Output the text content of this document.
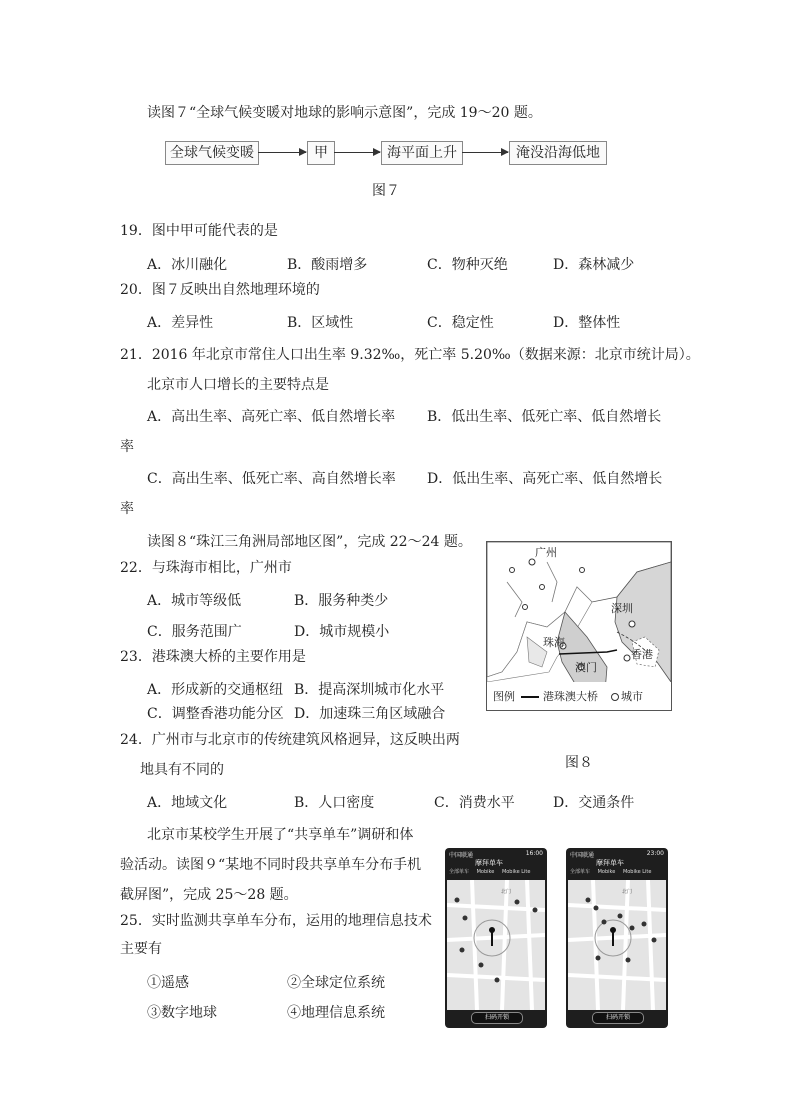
读图７“全球气候变暖对地球的影响示意图”，完成 19～20 题。
全球气候变暖	甲	海平面上升	淹没沿海低地
图７
19．图中甲可能代表的是
A．冰川融化	B．酸雨增多	C．物种灭绝	D．森林减少
20．图７反映出自然地理环境的
A．差异性	B．区域性	C．稳定性	D．整体性
21．2016 年北京市常住人口出生率 9.32‰，死亡率 5.20‰（数据来源：北京市统计局）。
北京市人口增长的主要特点是
A．高出生率、高死亡率、低自然增长率 B．低出生率、低死亡率、低自然增长
率
C．高出生率、低死亡率、高自然增长率 D．低出生率、高死亡率、低自然增长
率
读图８“珠江三角洲局部地区图”，完成 22～24 题。
22．与珠海市相比，广州市
A．城市等级低	B．服务种类少
C．服务范围广	D．城市规模小
23．港珠澳大桥的主要作用是
A．形成新的交通枢纽 B．提高深圳城市化水平
C．调整香港功能分区 D．加速珠三角区域融合
24．广州市与北京市的传统建筑风格迥异，这反映出两
地具有不同的
A．地域文化	B．人口密度	C．消费水平	D．交通条件
广州
深圳
珠海
澳门
香港
图例	港珠澳大桥 城市
图８
北京市某校学生开展了“共享单车”调研和体
验活动。读图９“某地不同时段共享单车分布手机
截屏图”，完成 25～28 题。
25．实时监测共享单车分布，运用的地理信息技术
主要有
①遥感	②全球定位系统
③数字地球	④地理信息系统
中国联通	16:00
摩拜单车
全部单车 Mobike Mobike Lite
北门
扫码开锁
中国联通	23:00
摩拜单车
全部单车 Mobike Mobike Lite
北门
扫码开锁
